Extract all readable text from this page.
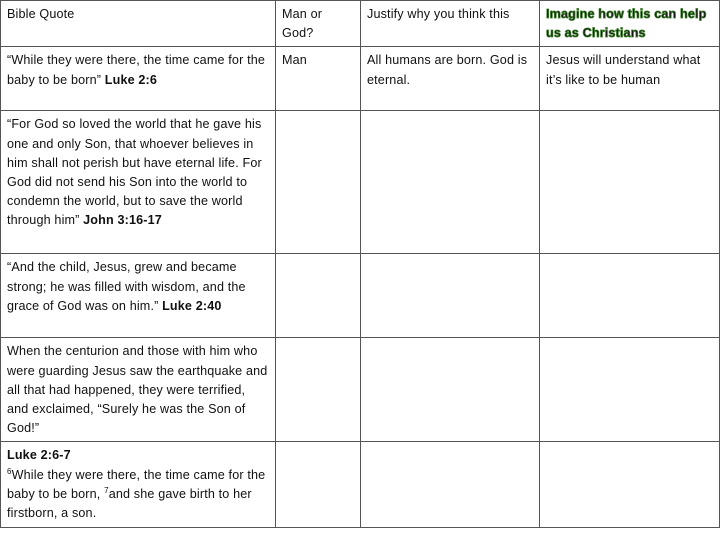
Bible Quote	Man or God?	Justify why you think this	Imagine how this can help us as Christians
“While they were there, the time came for the baby to be born” Luke 2:6	Man	All humans are born. God is eternal.	Jesus will understand what it’s like to be human
“For God so loved the world that he gave his one and only Son, that whoever believes in him shall not perish but have eternal life. For God did not send his Son into the world to condemn the world, but to save the world through him” John 3:16-17			
“And the child, Jesus, grew and became strong; he was filled with wisdom, and the grace of God was on him.” Luke 2:40			
When the centurion and those with him who were guarding Jesus saw the earthquake and all that had happened, they were terrified, and exclaimed, “Surely he was the Son of God!”			

Luke 2:6-7
$^6$While they were there, the time came for the baby to be born, $^7$and she gave birth to her firstborn, a son.			
